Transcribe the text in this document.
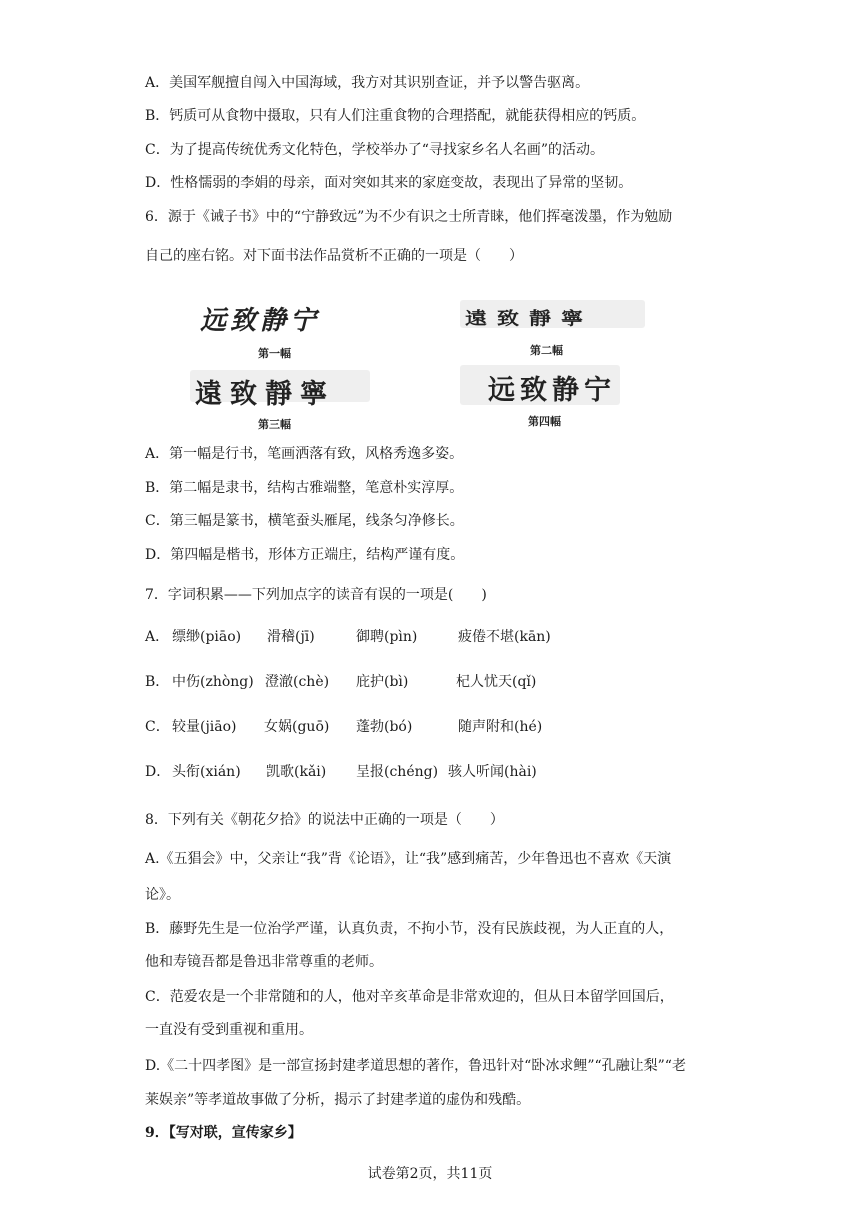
A．美国军舰擅自闯入中国海域，我方对其识别查证，并予以警告驱离。
B．钙质可从食物中摄取，只有人们注重食物的合理搭配，就能获得相应的钙质。
C．为了提高传统优秀文化特色，学校举办了“寻找家乡名人名画”的活动。
D．性格懦弱的李娟的母亲，面对突如其来的家庭变故，表现出了异常的坚韧。
6．源于《诫子书》中的“宁静致远”为不少有识之士所青睐，他们挥毫泼墨，作为勉励
自己的座右铭。对下面书法作品赏析不正确的一项是（　　）
远致静宁
第一幅
遠致靜寧
第二幅
遠致靜寧
第三幅
远致静宁
第四幅
A．第一幅是行书，笔画洒落有致，风格秀逸多姿。
B．第二幅是隶书，结构古雅端整，笔意朴实淳厚。
C．第三幅是篆书，横笔蚕头雁尾，线条匀净修长。
D．第四幅是楷书，形体方正端庄，结构严谨有度。
7．字词积累——下列加点字的读音有误的一项是(　　)
A． 缥缈(piāo) 滑稽(jī)	御聘(pìn)	疲倦不堪(kān)
B． 中伤(zhòng) 澄澈(chè) 庇护(bì)	杞人忧天(qǐ)
C． 较量(jiāo) 女娲(guō) 蓬勃(bó)	随声附和(hé)
D． 头衔(xián) 凯歌(kǎi) 呈报(chéng) 骇人听闻(hài)
8．下列有关《朝花夕拾》的说法中正确的一项是（　　）
A.《五猖会》中，父亲让“我”背《论语》，让“我”感到痛苦，少年鲁迅也不喜欢《天演
论》。
B．藤野先生是一位治学严谨，认真负责，不拘小节，没有民族歧视，为人正直的人，
他和寿镜吾都是鲁迅非常尊重的老师。
C．范爱农是一个非常随和的人，他对辛亥革命是非常欢迎的，但从日本留学回国后，
一直没有受到重视和重用。
D.《二十四孝图》是一部宣扬封建孝道思想的著作，鲁迅针对“卧冰求鲤”“孔融让梨”“老
莱娱亲”等孝道故事做了分析，揭示了封建孝道的虚伪和残酷。
9．【写对联，宣传家乡】
试卷第2页，共11页
